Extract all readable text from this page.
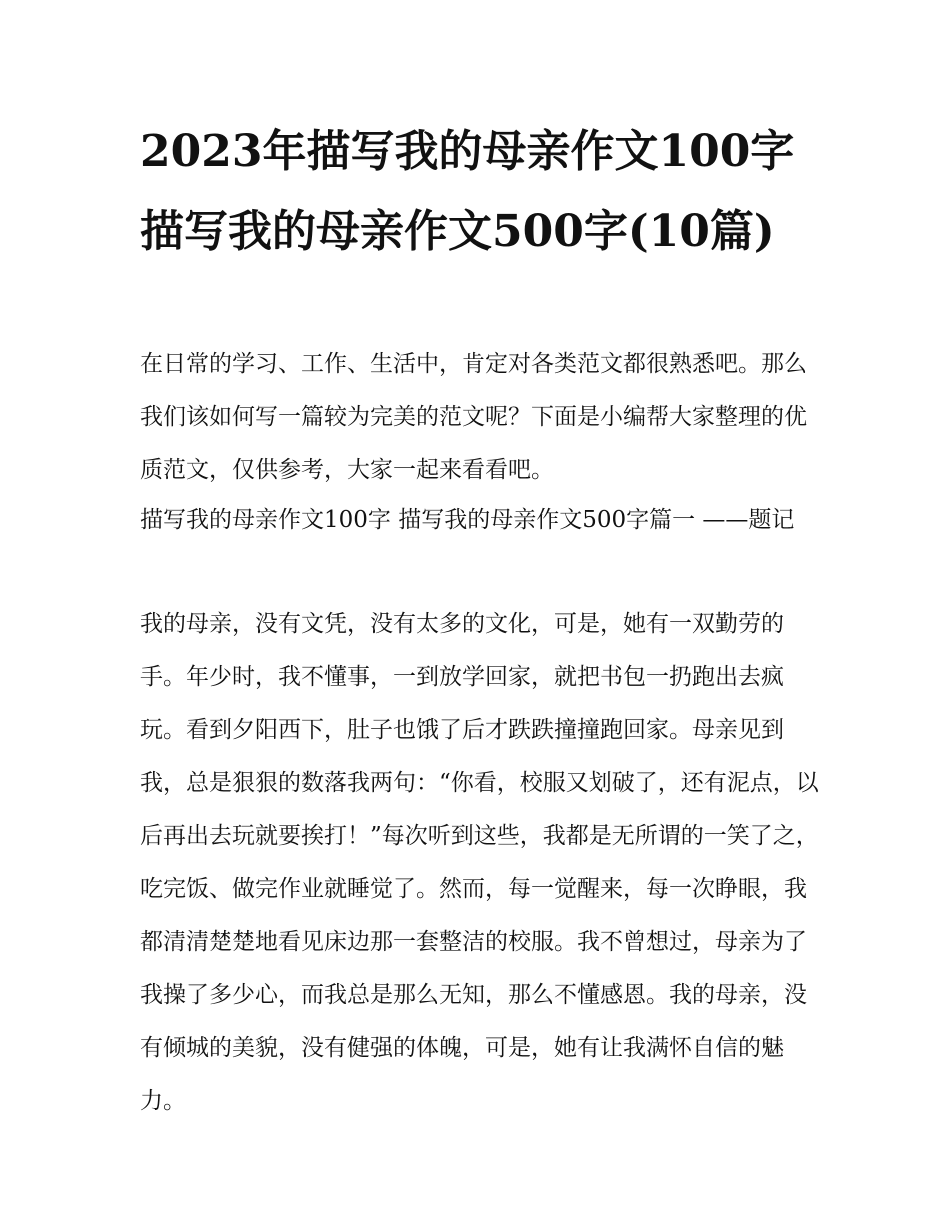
2023年描写我的母亲作文100字 描写我的母亲作文500字(10篇)

在日常的学习、工作、生活中，肯定对各类范文都很熟悉吧。那么我们该如何写一篇较为完美的范文呢？下面是小编帮大家整理的优质范文，仅供参考，大家一起来看看吧。

描写我的母亲作文100字 描写我的母亲作文500字篇一 ——题记

我的母亲，没有文凭，没有太多的文化，可是，她有一双勤劳的手。年少时，我不懂事，一到放学回家，就把书包一扔跑出去疯玩。看到夕阳西下，肚子也饿了后才跌跌撞撞跑回家。母亲见到我，总是狠狠的数落我两句：“你看，校服又划破了，还有泥点，以后再出去玩就要挨打！”每次听到这些，我都是无所谓的一笑了之，吃完饭、做完作业就睡觉了。然而，每一觉醒来，每一次睁眼，我都清清楚楚地看见床边那一套整洁的校服。我不曾想过，母亲为了我操了多少心，而我总是那么无知，那么不懂感恩。我的母亲，没有倾城的美貌，没有健强的体魄，可是，她有让我满怀自信的魅力。
